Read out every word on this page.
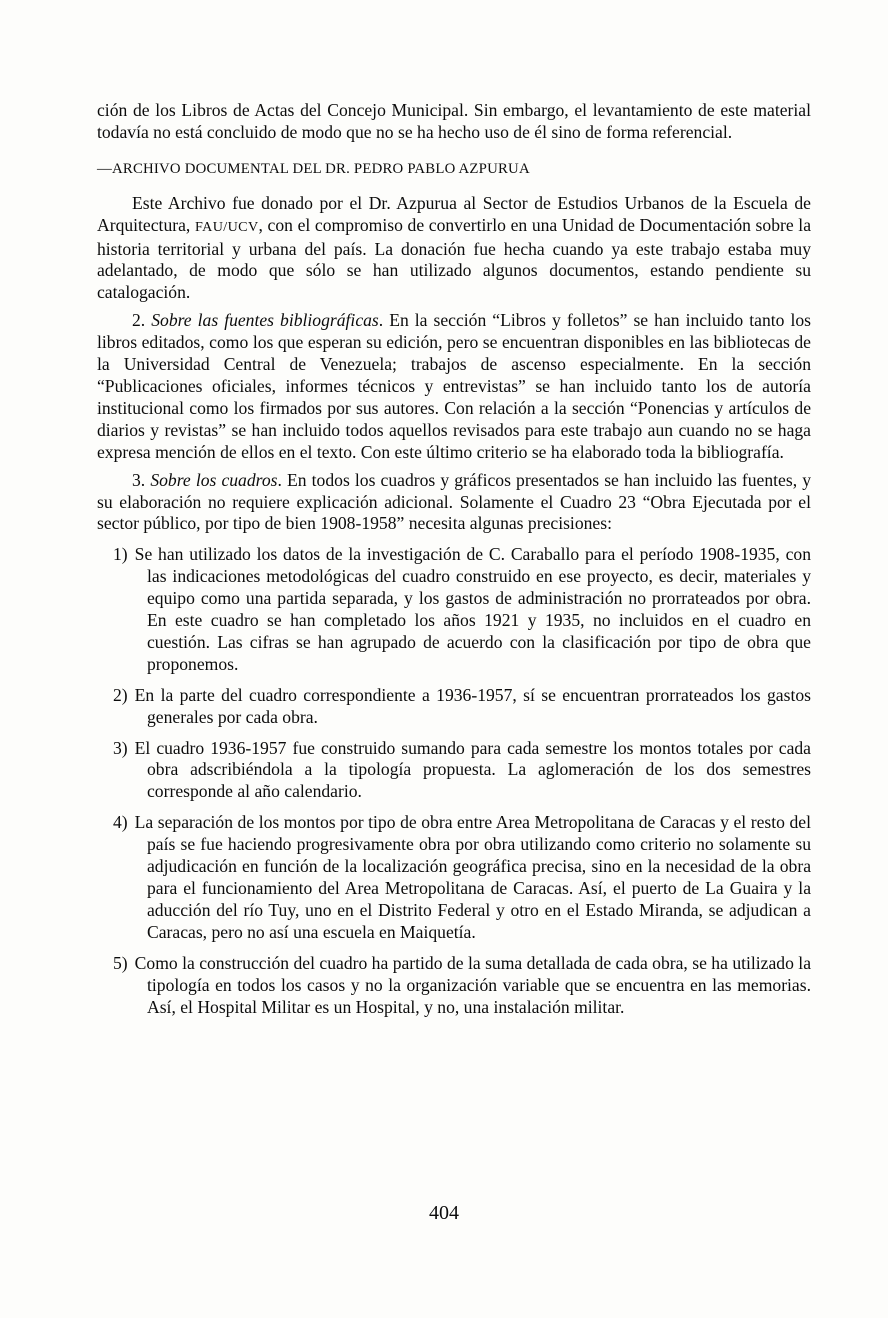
ción de los Libros de Actas del Concejo Municipal. Sin embargo, el levantamiento de este material todavía no está concluido de modo que no se ha hecho uso de él sino de forma referencial.

—ARCHIVO DOCUMENTAL DEL DR. PEDRO PABLO AZPURUA

Este Archivo fue donado por el Dr. Azpurua al Sector de Estudios Urbanos de la Escuela de Arquitectura, FAU/UCV, con el compromiso de convertirlo en una Unidad de Documentación sobre la historia territorial y urbana del país. La donación fue hecha cuando ya este trabajo estaba muy adelantado, de modo que sólo se han utilizado algunos documentos, estando pendiente su catalogación.

2. Sobre las fuentes bibliográficas. En la sección “Libros y folletos” se han incluido tanto los libros editados, como los que esperan su edición, pero se encuentran disponibles en las bibliotecas de la Universidad Central de Venezuela; trabajos de ascenso especialmente. En la sección “Publicaciones oficiales, informes técnicos y entrevistas” se han incluido tanto los de autoría institucional como los firmados por sus autores. Con relación a la sección “Ponencias y artículos de diarios y revistas” se han incluido todos aquellos revisados para este trabajo aun cuando no se haga expresa mención de ellos en el texto. Con este último criterio se ha elaborado toda la bibliografía.

3. Sobre los cuadros. En todos los cuadros y gráficos presentados se han incluido las fuentes, y su elaboración no requiere explicación adicional. Solamente el Cuadro 23 “Obra Ejecutada por el sector público, por tipo de bien 1908-1958” necesita algunas precisiones:

1) Se han utilizado los datos de la investigación de C. Caraballo para el período 1908-1935, con las indicaciones metodológicas del cuadro construido en ese proyecto, es decir, materiales y equipo como una partida separada, y los gastos de administración no prorrateados por obra. En este cuadro se han completado los años 1921 y 1935, no incluidos en el cuadro en cuestión. Las cifras se han agrupado de acuerdo con la clasificación por tipo de obra que proponemos.
2) En la parte del cuadro correspondiente a 1936-1957, sí se encuentran prorrateados los gastos generales por cada obra.
3) El cuadro 1936-1957 fue construido sumando para cada semestre los montos totales por cada obra adscribiéndola a la tipología propuesta. La aglomeración de los dos semestres corresponde al año calendario.
4) La separación de los montos por tipo de obra entre Area Metropolitana de Caracas y el resto del país se fue haciendo progresivamente obra por obra utilizando como criterio no solamente su adjudicación en función de la localización geográfica precisa, sino en la necesidad de la obra para el funcionamiento del Area Metropolitana de Caracas. Así, el puerto de La Guaira y la aducción del río Tuy, uno en el Distrito Federal y otro en el Estado Miranda, se adjudican a Caracas, pero no así una escuela en Maiquetía.
5) Como la construcción del cuadro ha partido de la suma detallada de cada obra, se ha utilizado la tipología en todos los casos y no la organización variable que se encuentra en las memorias. Así, el Hospital Militar es un Hospital, y no, una instalación militar.
404
